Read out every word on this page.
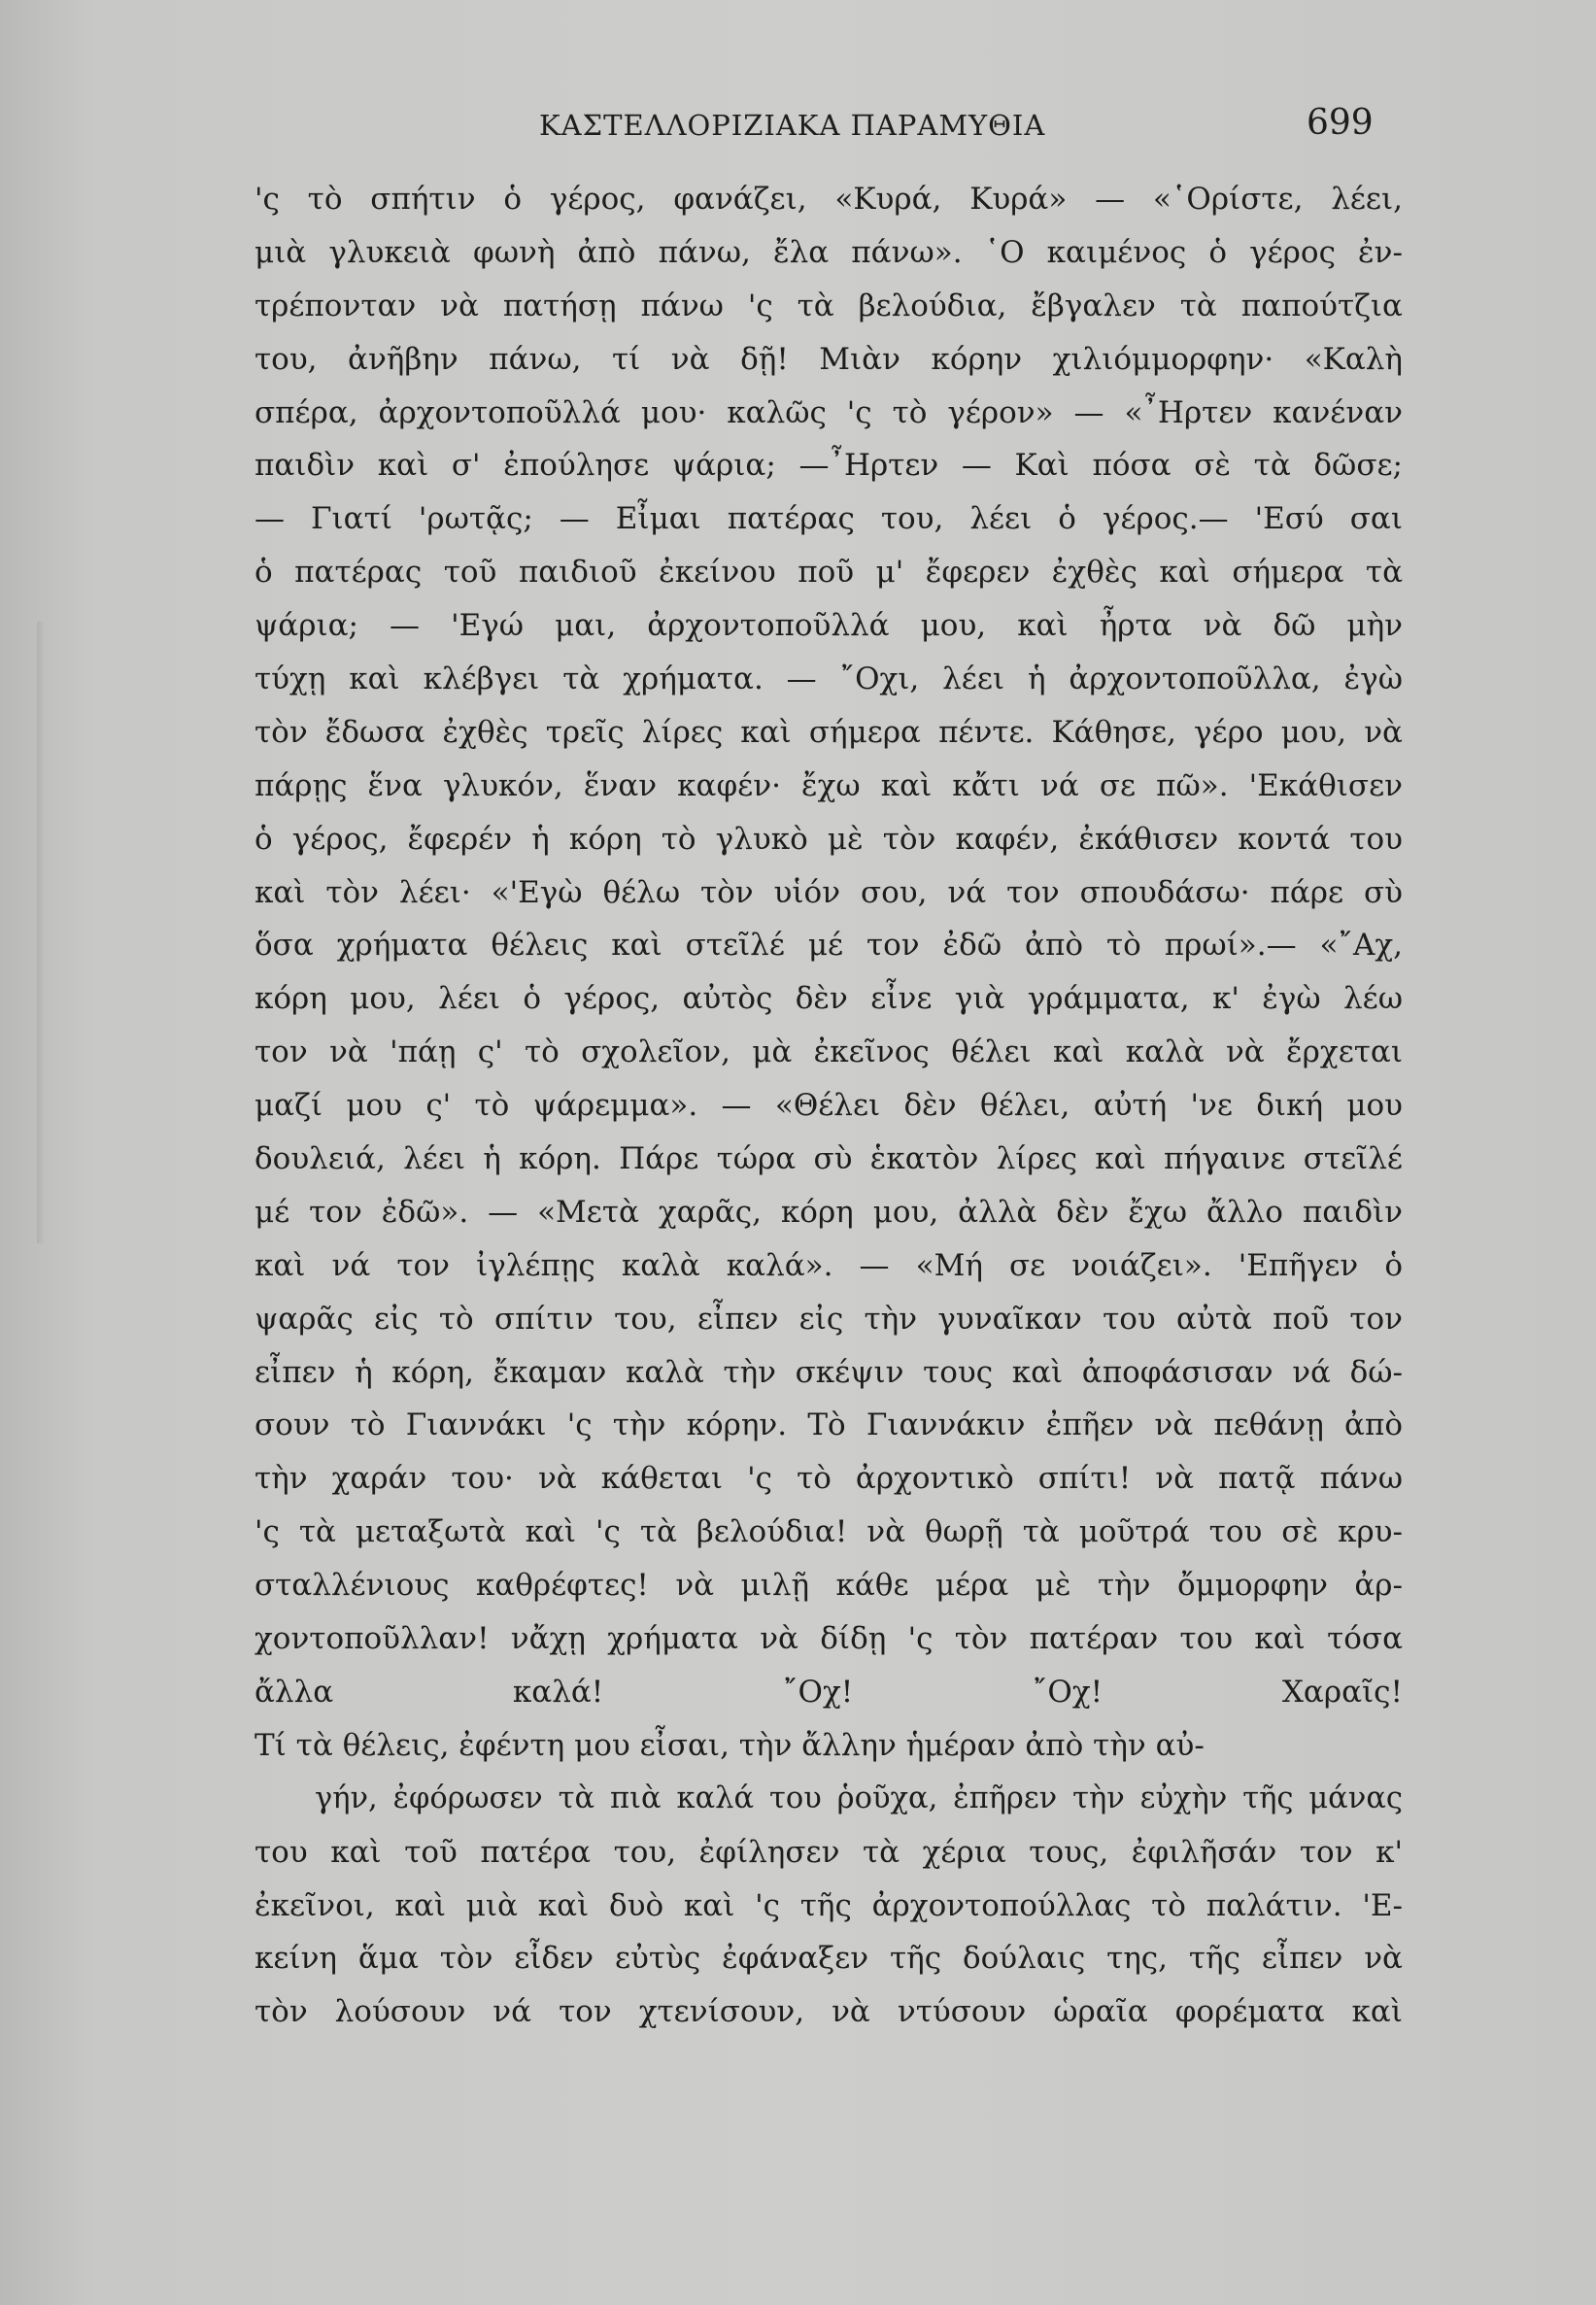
ΚΑΣΤΕΛΛΟΡΙΖΙΑΚΑ ΠΑΡΑΜΥΘΙΑ	699
'ς τὸ σπήτιν ὁ γέρος, φανάζει, «Κυρά, Κυρά» — «῾Ορίστε, λέει,
μιὰ γλυκειὰ φωνὴ ἀπὸ πάνω, ἔλα πάνω». ῾Ο καιμένος ὁ γέρος ἐν-
τρέπονταν νὰ πατήσῃ πάνω 'ς τὰ βελούδια, ἔβγαλεν τὰ παπούτζια
του, ἀνῆβην πάνω, τί νὰ δῇ! Μιὰν κόρην χιλιόμμορφην· «Καλὴ
σπέρα, ἀρχοντοποῦλλά μου· καλῶς 'ς τὸ γέρον» — «῏Ηρτεν κανέναν
παιδὶν καὶ σ' ἐπούλησε ψάρια; —῏Ηρτεν — Καὶ πόσα σὲ τὰ δῶσε;
— Γιατί 'ρωτᾷς; — Εἶμαι πατέρας του, λέει ὁ γέρος.— 'Εσύ σαι
ὁ πατέρας τοῦ παιδιοῦ ἐκείνου ποῦ μ' ἔφερεν ἐχθὲς καὶ σήμερα τὰ
ψάρια; — 'Εγώ μαι, ἀρχοντοποῦλλά μου, καὶ ἦρτα νὰ δῶ μὴν
τύχῃ καὶ κλέβγει τὰ χρήματα. — ῎Οχι, λέει ἡ ἀρχοντοποῦλλα, ἐγὼ
τὸν ἔδωσα ἐχθὲς τρεῖς λίρες καὶ σήμερα πέντε. Κάθησε, γέρο μου, νὰ
πάρῃς ἕνα γλυκόν, ἕναν καφέν· ἔχω καὶ κἄτι νά σε πῶ». 'Εκάθισεν
ὁ γέρος, ἔφερέν ἡ κόρη τὸ γλυκὸ μὲ τὸν καφέν, ἐκάθισεν κοντά του
καὶ τὸν λέει· «'Εγὼ θέλω τὸν υἱόν σου, νά τον σπουδάσω· πάρε σὺ
ὅσα χρήματα θέλεις καὶ στεῖλέ μέ τον ἐδῶ ἀπὸ τὸ πρωί».— «῎Αχ,
κόρη μου, λέει ὁ γέρος, αὐτὸς δὲν εἶνε γιὰ γράμματα, κ' ἐγὼ λέω
τον νὰ 'πάῃ ς' τὸ σχολεῖον, μὰ ἐκεῖνος θέλει καὶ καλὰ νὰ ἔρχεται
μαζί μου ς' τὸ ψάρεμμα». — «Θέλει δὲν θέλει, αὐτή 'νε δική μου
δουλειά, λέει ἡ κόρη. Πάρε τώρα σὺ ἑκατὸν λίρες καὶ πήγαινε στεῖλέ
μέ τον ἐδῶ». — «Μετὰ χαρᾶς, κόρη μου, ἀλλὰ δὲν ἔχω ἄλλο παιδὶν
καὶ νά τον ἰγλέπῃς καλὰ καλά». — «Μή σε νοιάζει». 'Επῆγεν ὁ
ψαρᾶς εἰς τὸ σπίτιν του, εἶπεν εἰς τὴν γυναῖκαν του αὐτὰ ποῦ τον
εἶπεν ἡ κόρη, ἔκαμαν καλὰ τὴν σκέψιν τους καὶ ἀποφάσισαν νά δώ-
σουν τὸ Γιαννάκι 'ς τὴν κόρην. Τὸ Γιαννάκιν ἐπῆεν νὰ πεθάνῃ ἀπὸ
τὴν χαράν του· νὰ κάθεται 'ς τὸ ἀρχοντικὸ σπίτι! νὰ πατᾷ πάνω
'ς τὰ μεταξωτὰ καὶ 'ς τὰ βελούδια! νὰ θωρῇ τὰ μοῦτρά του σὲ κρυ-
σταλλένιους καθρέφτες! νὰ μιλῇ κάθε μέρα μὲ τὴν ὄμμορφην ἀρ-
χοντοποῦλλαν! νἄχῃ χρήματα νὰ δίδῃ 'ς τὸν πατέραν του καὶ τόσα
ἄλλα καλά! ῎Οχ! ῎Οχ! Χαραῖς!
Τί τὰ θέλεις, ἐφέντη μου εἶσαι, τὴν ἄλλην ἡμέραν ἀπὸ τὴν αὐ-
γήν, ἐφόρωσεν τὰ πιὰ καλά του ῥοῦχα, ἐπῆρεν τὴν εὐχὴν τῆς μάνας
του καὶ τοῦ πατέρα του, ἐφίλησεν τὰ χέρια τους, ἐφιλῆσάν τον κ'
ἐκεῖνοι, καὶ μιὰ καὶ δυὸ καὶ 'ς τῆς ἀρχοντοπούλλας τὸ παλάτιν. 'Ε-
κείνη ἅμα τὸν εἶδεν εὐτὺς ἐφάναξεν τῆς δούλαις της, τῆς εἶπεν νὰ
τὸν λούσουν νά τον χτενίσουν, νὰ ντύσουν ὡραῖα φορέματα καὶ
